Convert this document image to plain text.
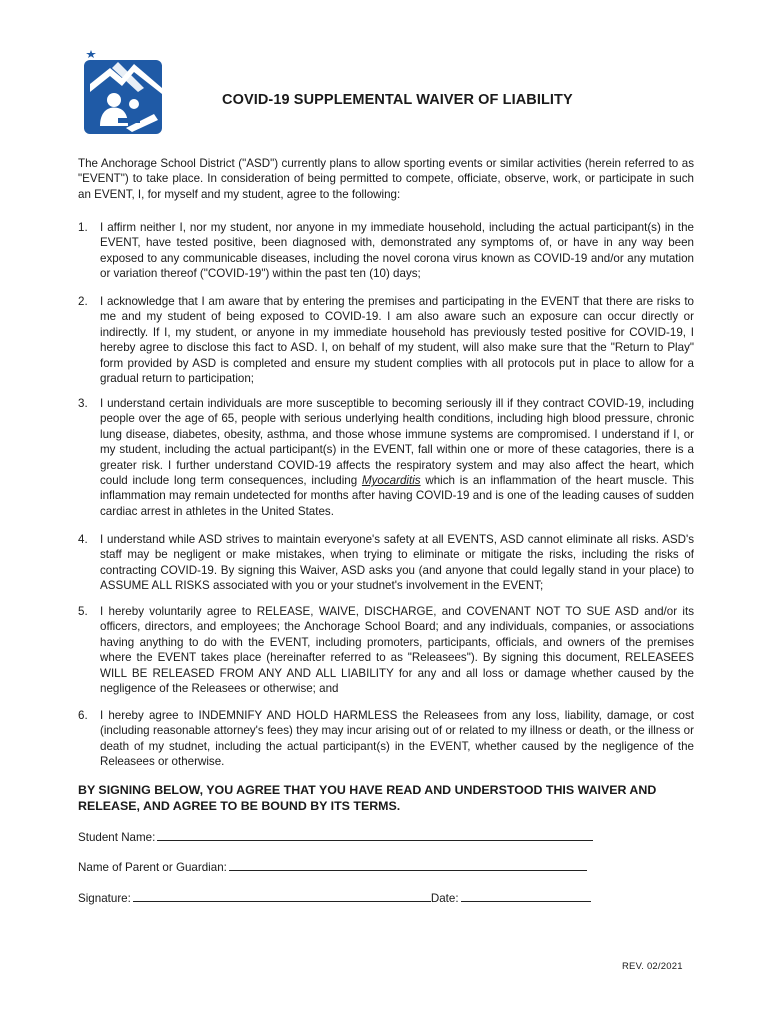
COVID-19 SUPPLEMENTAL WAIVER OF LIABILITY

The Anchorage School District ("ASD") currently plans to allow sporting events or similar activities (herein referred to as "EVENT") to take place. In consideration of being permitted to compete, officiate, observe, work, or participate in such an EVENT, I, for myself and my student, agree to the following:

1. I affirm neither I, nor my student, nor anyone in my immediate household, including the actual participant(s) in the EVENT, have tested positive, been diagnosed with, demonstrated any symptoms of, or have in any way been exposed to any communicable diseases, including the novel corona virus known as COVID-19 and/or any mutation or variation thereof ("COVID-19") within the past ten (10) days;
2. I acknowledge that I am aware that by entering the premises and participating in the EVENT that there are risks to me and my student of being exposed to COVID-19. I am also aware such an exposure can occur directly or indirectly. If I, my student, or anyone in my immediate household has previously tested positive for COVID-19, I hereby agree to disclose this fact to ASD. I, on behalf of my student, will also make sure that the "Return to Play" form provided by ASD is completed and ensure my student complies with all protocols put in place to allow for a gradual return to participation;
3. I understand certain individuals are more susceptible to becoming seriously ill if they contract COVID-19, including people over the age of 65, people with serious underlying health conditions, including high blood pressure, chronic lung disease, diabetes, obesity, asthma, and those whose immune systems are compromised. I understand if I, or my student, including the actual participant(s) in the EVENT, fall within one or more of these catagories, there is a greater risk. I further understand COVID-19 affects the respiratory system and may also affect the heart, which could include long term consequences, including Myocarditis which is an inflammation of the heart muscle. This inflammation may remain undetected for months after having COVID-19 and is one of the leading causes of sudden cardiac arrest in athletes in the United States.
4. I understand while ASD strives to maintain everyone's safety at all EVENTS, ASD cannot eliminate all risks. ASD's staff may be negligent or make mistakes, when trying to eliminate or mitigate the risks, including the risks of contracting COVID-19. By signing this Waiver, ASD asks you (and anyone that could legally stand in your place) to ASSUME ALL RISKS associated with you or your studnet's involvement in the EVENT;
5. I hereby voluntarily agree to RELEASE, WAIVE, DISCHARGE, and COVENANT NOT TO SUE ASD and/or its officers, directors, and employees; the Anchorage School Board; and any individuals, companies, or associations having anything to do with the EVENT, including promoters, participants, officials, and owners of the premises where the EVENT takes place (hereinafter referred to as "Releasees"). By signing this document, RELEASEES WILL BE RELEASED FROM ANY AND ALL LIABILITY for any and all loss or damage whether caused by the negligence of the Releasees or otherwise; and
6. I hereby agree to INDEMNIFY AND HOLD HARMLESS the Releasees from any loss, liability, damage, or cost (including reasonable attorney's fees) they may incur arising out of or related to my illness or death, or the illness or death of my studnet, including the actual participant(s) in the EVENT, whether caused by the negligence of the Releasees or otherwise.
BY SIGNING BELOW, YOU AGREE THAT YOU HAVE READ AND UNDERSTOOD THIS WAIVER AND RELEASE, AND AGREE TO BE BOUND BY ITS TERMS.
Student Name:
Name of Parent or Guardian:
Signature:	Date:
REV. 02/2021
